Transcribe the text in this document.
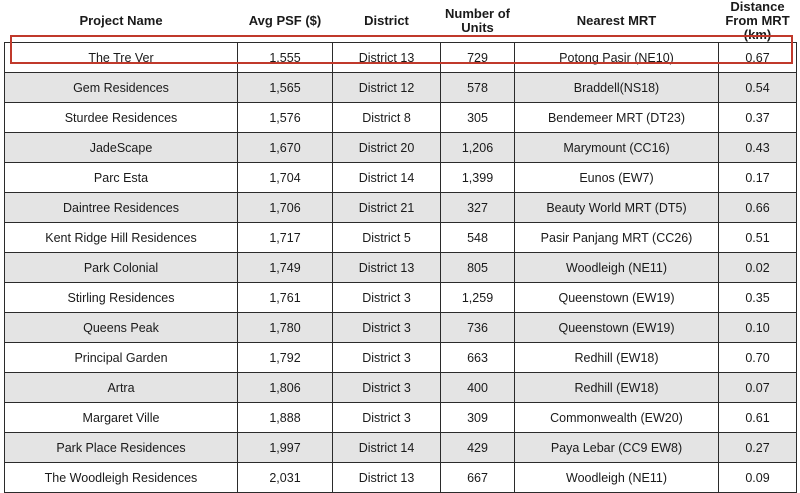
Project Name	Avg PSF ($)	District	Number of Units	Nearest MRT	Distance From MRT (km)
The Tre Ver	1,555	District 13	729	Potong Pasir (NE10)	0.67
Gem Residences	1,565	District 12	578	Braddell(NS18)	0.54
Sturdee Residences	1,576	District 8	305	Bendemeer MRT (DT23)	0.37
JadeScape	1,670	District 20	1,206	Marymount (CC16)	0.43
Parc Esta	1,704	District 14	1,399	Eunos (EW7)	0.17
Daintree Residences	1,706	District 21	327	Beauty World MRT (DT5)	0.66
Kent Ridge Hill Residences	1,717	District 5	548	Pasir Panjang MRT (CC26)	0.51
Park Colonial	1,749	District 13	805	Woodleigh (NE11)	0.02
Stirling Residences	1,761	District 3	1,259	Queenstown (EW19)	0.35
Queens Peak	1,780	District 3	736	Queenstown (EW19)	0.10
Principal Garden	1,792	District 3	663	Redhill (EW18)	0.70
Artra	1,806	District 3	400	Redhill (EW18)	0.07
Margaret Ville	1,888	District 3	309	Commonwealth (EW20)	0.61
Park Place Residences	1,997	District 14	429	Paya Lebar (CC9 EW8)	0.27
The Woodleigh Residences	2,031	District 13	667	Woodleigh (NE11)	0.09
